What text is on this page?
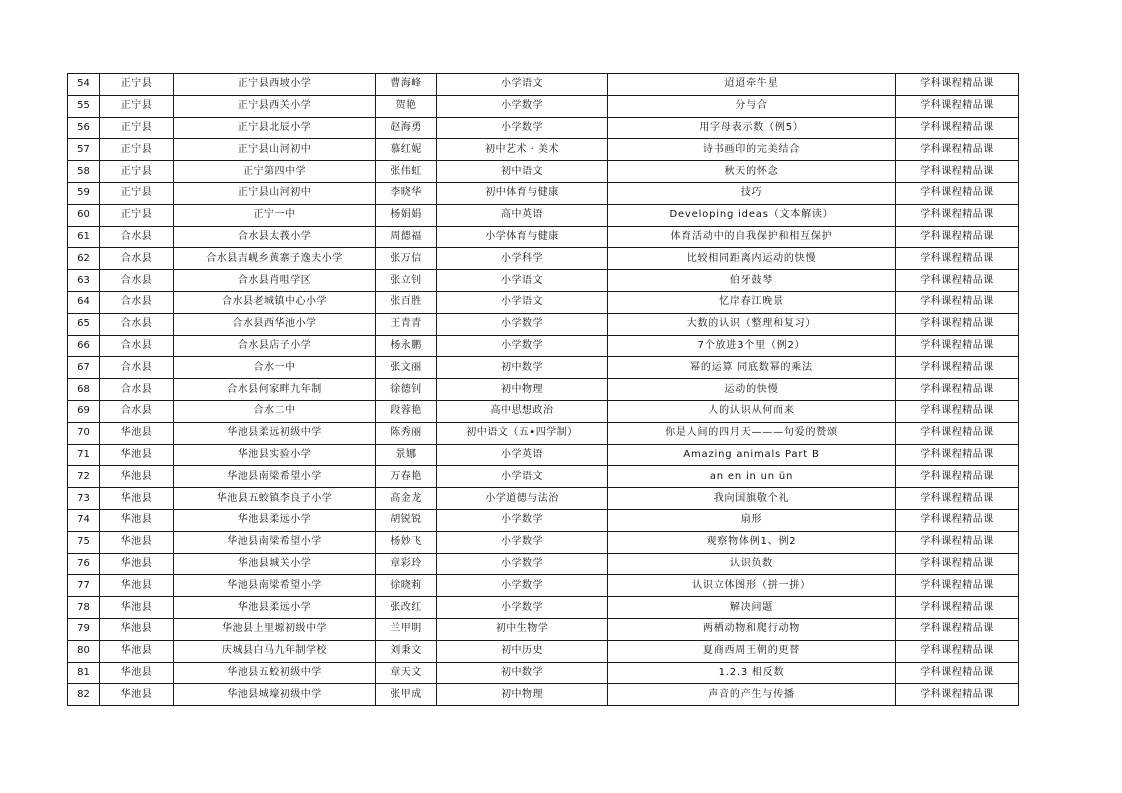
54	正宁县	正宁县西坡小学	曹海峰	小学语文	迢迢牵牛星	学科课程精品课
55	正宁县	正宁县西关小学	贺艳	小学数学	分与合	学科课程精品课
56	正宁县	正宁县北辰小学	赵海勇	小学数学	用字母表示数（例5）	学科课程精品课
57	正宁县	正宁县山河初中	慕红妮	初中艺术 · 美术	诗书画印的完美结合	学科课程精品课
58	正宁县	正宁第四中学	张伟虹	初中语文	秋天的怀念	学科课程精品课
59	正宁县	正宁县山河初中	李晓华	初中体育与健康	技巧	学科课程精品课
60	正宁县	正宁一中	杨娟娟	高中英语	Developing ideas（文本解读）	学科课程精品课
61	合水县	合水县太莪小学	周德福	小学体育与健康	体育活动中的自我保护和相互保护	学科课程精品课
62	合水县	合水县吉岘乡黄寨子逸夫小学	张万信	小学科学	比较相同距离内运动的快慢	学科课程精品课
63	合水县	合水县肖咀学区	张立钊	小学语文	伯牙鼓琴	学科课程精品课
64	合水县	合水县老城镇中心小学	张百胜	小学语文	忆岸春江晚景	学科课程精品课
65	合水县	合水县西华池小学	王青青	小学数学	大数的认识（整理和复习）	学科课程精品课
66	合水县	合水县店子小学	杨永鹏	小学数学	7个放进3个里（例2）	学科课程精品课
67	合水县	合水一中	张文丽	初中数学	幂的运算 同底数幂的乘法	学科课程精品课
68	合水县	合水县何家畔九年制	徐德钊	初中物理	运动的快慢	学科课程精品课
69	合水县	合水二中	段蓉艳	高中思想政治	人的认识从何而来	学科课程精品课
70	华池县	华池县柔远初级中学	陈秀丽	初中语文（五•四学制）	你是人间的四月天———句爱的赞颂	学科课程精品课
71	华池县	华池县实验小学	景娜	小学英语	Amazing animals Part B	学科课程精品课
72	华池县	华池县南梁希望小学	万春艳	小学语文	an en in un ün	学科课程精品课
73	华池县	华池县五蛟镇李良子小学	高金龙	小学道德与法治	我向国旗敬个礼	学科课程精品课
74	华池县	华池县柔远小学	胡锐锐	小学数学	扇形	学科课程精品课
75	华池县	华池县南梁希望小学	杨妙飞	小学数学	观察物体例1、例2	学科课程精品课
76	华池县	华池县城关小学	章彩玲	小学数学	认识负数	学科课程精品课
77	华池县	华池县南梁希望小学	徐晓莉	小学数学	认识立体图形（拼一拼）	学科课程精品课
78	华池县	华池县柔远小学	张改红	小学数学	解决问题	学科课程精品课
79	华池县	华池县上里塬初级中学	兰甲明	初中生物学	两栖动物和爬行动物	学科课程精品课
80	华池县	庆城县白马九年制学校	刘秉文	初中历史	夏商西周王朝的更替	学科课程精品课
81	华池县	华池县五蛟初级中学	章天文	初中数学	1.2.3 相反数	学科课程精品课
82	华池县	华池县城壕初级中学	张甲成	初中物理	声音的产生与传播	学科课程精品课
